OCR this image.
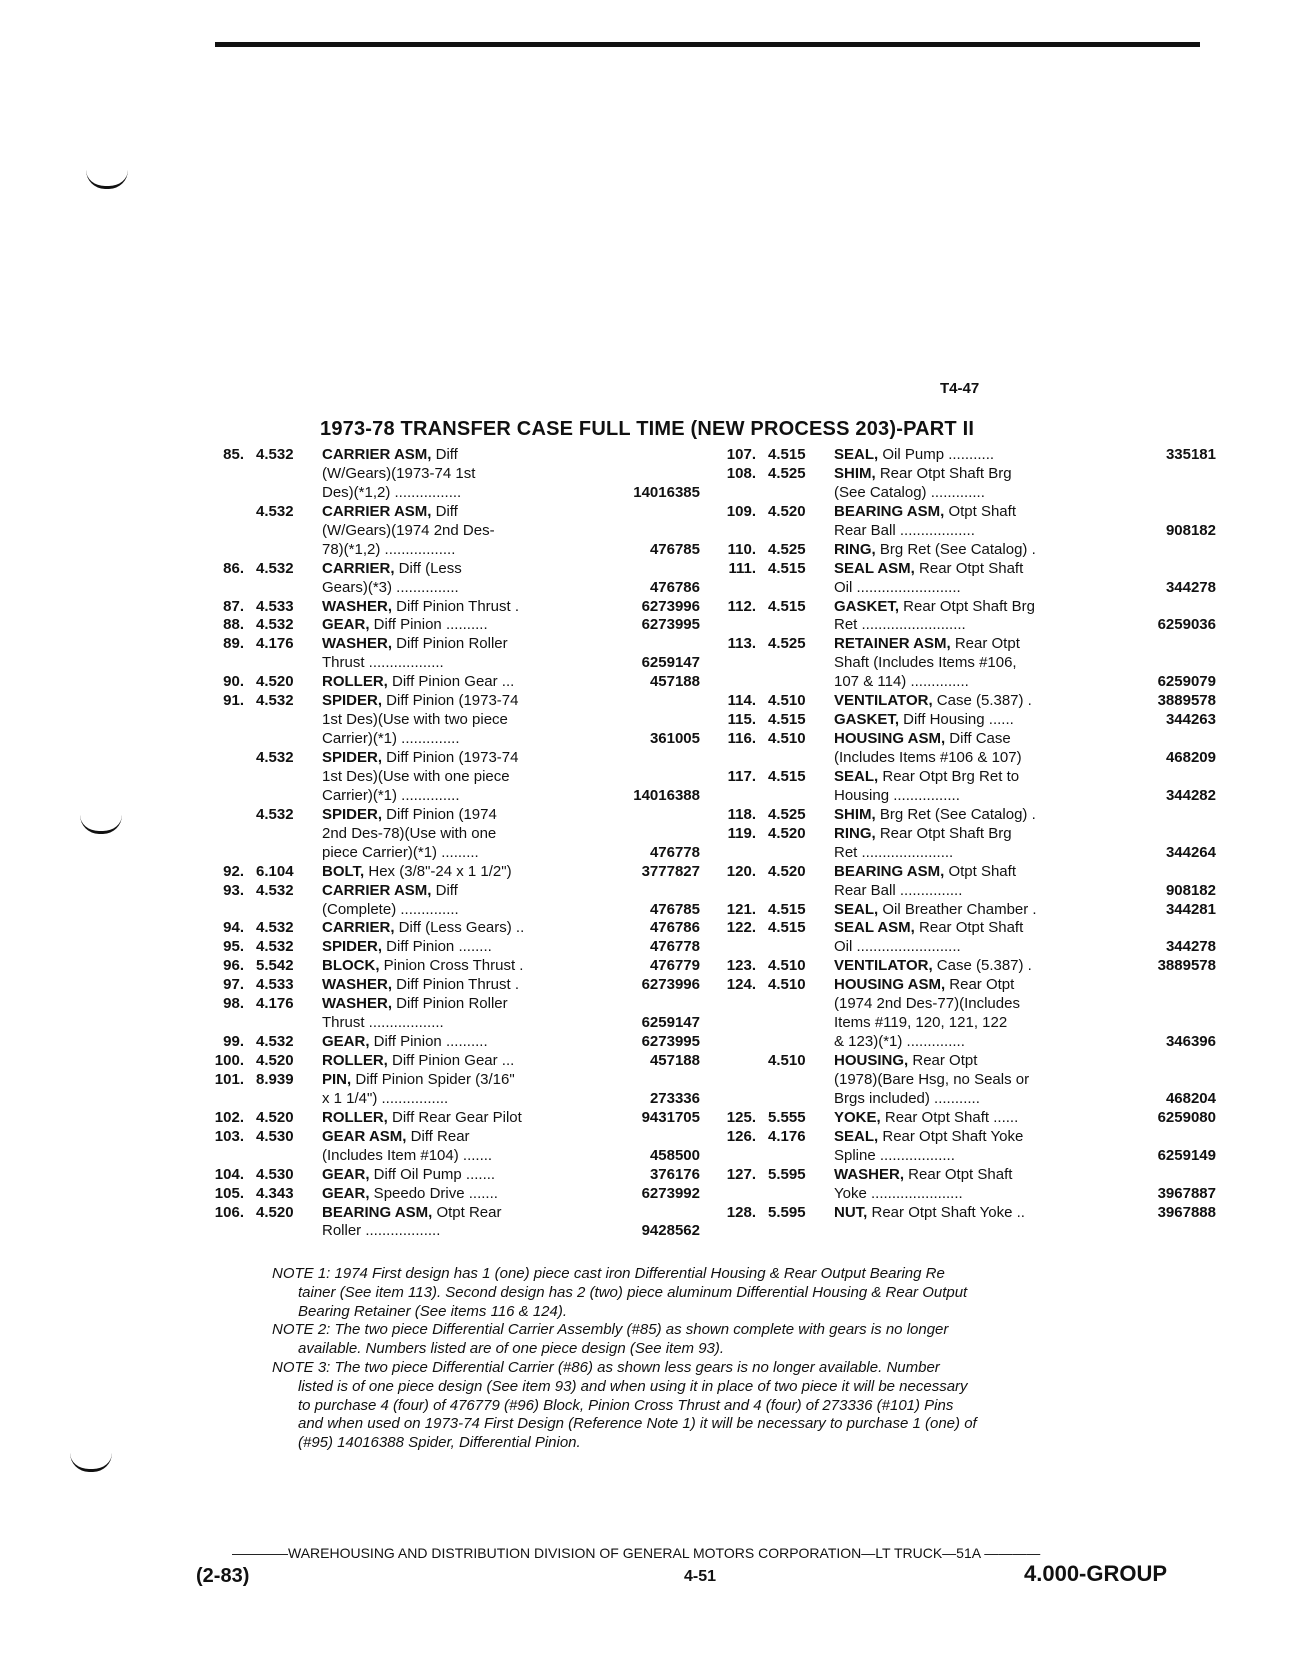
T4-47
1973-78 TRANSFER CASE FULL TIME (NEW PROCESS 203)-PART II
85. 4.532	CARRIER ASM, Diff
(W/Gears)(1973-74 1st
Des)(*1,2) ................	14016385
4.532	CARRIER ASM, Diff
(W/Gears)(1974 2nd Des-
78)(*1,2) .................	476785
86. 4.532	CARRIER, Diff (Less
Gears)(*3) ...............	476786
87. 4.533	WASHER, Diff Pinion Thrust .	6273996
88. 4.532	GEAR, Diff Pinion ..........	6273995
89. 4.176	WASHER, Diff Pinion Roller
Thrust ..................	6259147
90. 4.520	ROLLER, Diff Pinion Gear ...	457188
91. 4.532	SPIDER, Diff Pinion (1973-74
1st Des)(Use with two piece
Carrier)(*1) ..............	361005
4.532	SPIDER, Diff Pinion (1973-74
1st Des)(Use with one piece
Carrier)(*1) ..............	14016388
4.532	SPIDER, Diff Pinion (1974
2nd Des-78)(Use with one
piece Carrier)(*1) .........	476778
92. 6.104	BOLT, Hex (3/8"-24 x 1 1/2")	3777827
93. 4.532	CARRIER ASM, Diff
(Complete) ..............	476785
94. 4.532	CARRIER, Diff (Less Gears) ..	476786
95. 4.532	SPIDER, Diff Pinion ........	476778
96. 5.542	BLOCK, Pinion Cross Thrust .	476779
97. 4.533	WASHER, Diff Pinion Thrust .	6273996
98. 4.176	WASHER, Diff Pinion Roller
Thrust ..................	6259147
99. 4.532	GEAR, Diff Pinion ..........	6273995
100. 4.520	ROLLER, Diff Pinion Gear ...	457188
101. 8.939	PIN, Diff Pinion Spider (3/16"
x 1 1/4") ................	273336
102. 4.520	ROLLER, Diff Rear Gear Pilot	9431705
103. 4.530	GEAR ASM, Diff Rear
(Includes Item #104) .......	458500
104. 4.530	GEAR, Diff Oil Pump .......	376176
105. 4.343	GEAR, Speedo Drive .......	6273992
106. 4.520	BEARING ASM, Otpt Rear
Roller ..................	9428562
107. 4.515	SEAL, Oil Pump ...........	335181
108. 4.525	SHIM, Rear Otpt Shaft Brg
(See Catalog) .............
109. 4.520	BEARING ASM, Otpt Shaft
Rear Ball ..................	908182
110. 4.525	RING, Brg Ret (See Catalog) .
111. 4.515	SEAL ASM, Rear Otpt Shaft
Oil .........................	344278
112. 4.515	GASKET, Rear Otpt Shaft Brg
Ret .........................	6259036
113. 4.525	RETAINER ASM, Rear Otpt
Shaft (Includes Items #106,
107 & 114) ..............	6259079
114. 4.510	VENTILATOR, Case (5.387) .	3889578
115. 4.515	GASKET, Diff Housing ......	344263
116. 4.510	HOUSING ASM, Diff Case
(Includes Items #106 & 107)	468209
117. 4.515	SEAL, Rear Otpt Brg Ret to
Housing ................	344282
118. 4.525	SHIM, Brg Ret (See Catalog) .
119. 4.520	RING, Rear Otpt Shaft Brg
Ret ......................	344264
120. 4.520	BEARING ASM, Otpt Shaft
Rear Ball ...............	908182
121. 4.515	SEAL, Oil Breather Chamber .	344281
122. 4.515	SEAL ASM, Rear Otpt Shaft
Oil .........................	344278
123. 4.510	VENTILATOR, Case (5.387) .	3889578
124. 4.510	HOUSING ASM, Rear Otpt
(1974 2nd Des-77)(Includes
Items #119, 120, 121, 122
& 123)(*1) ..............	346396
4.510	HOUSING, Rear Otpt
(1978)(Bare Hsg, no Seals or
Brgs included) ...........	468204
125. 5.555	YOKE, Rear Otpt Shaft ......	6259080
126. 4.176	SEAL, Rear Otpt Shaft Yoke
Spline ..................	6259149
127. 5.595	WASHER, Rear Otpt Shaft
Yoke ......................	3967887
128. 5.595	NUT, Rear Otpt Shaft Yoke ..	3967888
NOTE 1: 1974 First design has 1 (one) piece cast iron Differential Housing & Rear Output Bearing Re
tainer (See item 113). Second design has 2 (two) piece aluminum Differential Housing & Rear Output
Bearing Retainer (See items 116 & 124).
NOTE 2: The two piece Differential Carrier Assembly (#85) as shown complete with gears is no longer
available. Numbers listed are of one piece design (See item 93).
NOTE 3: The two piece Differential Carrier (#86) as shown less gears is no longer available. Number
listed is of one piece design (See item 93) and when using it in place of two piece it will be necessary
to purchase 4 (four) of 476779 (#96) Block, Pinion Cross Thrust and 4 (four) of 273336 (#101) Pins
and when used on 1973-74 First Design (Reference Note 1) it will be necessary to purchase 1 (one) of
(#95) 14016388 Spider, Differential Pinion.
————WAREHOUSING AND DISTRIBUTION DIVISION OF GENERAL MOTORS CORPORATION—LT TRUCK—51A ————
(2-83)	4-51	4.000-GROUP
